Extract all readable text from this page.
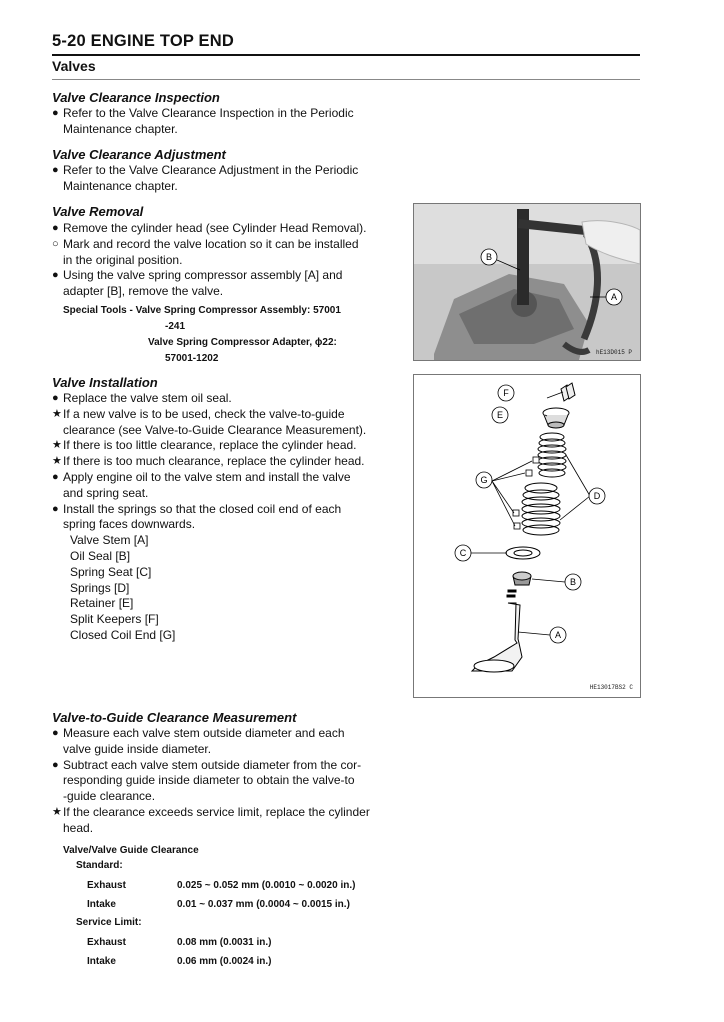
5-20 ENGINE TOP END
Valves
Valve Clearance Inspection
● Refer to the Valve Clearance Inspection in the Periodic
Maintenance chapter.
Valve Clearance Adjustment
● Refer to the Valve Clearance Adjustment in the Periodic
Maintenance chapter.
Valve Removal
● Remove the cylinder head (see Cylinder Head Removal).
○ Mark and record the valve location so it can be installed
in the original position.
● Using the valve spring compressor assembly [A] and
adapter [B], remove the valve.
Special Tools - Valve Spring Compressor Assembly: 57001
-241
Valve Spring Compressor Adapter, ϕ22:
57001-1202
B
A
hE13D015 P
Valve Installation
● Replace the valve stem oil seal.
★ If a new valve is to be used, check the valve-to-guide
clearance (see Valve-to-Guide Clearance Measurement).
★ If there is too little clearance, replace the cylinder head.
★ If there is too much clearance, replace the cylinder head.
● Apply engine oil to the valve stem and install the valve
and spring seat.
● Install the springs so that the closed coil end of each
spring faces downwards.
Valve Stem [A]
Oil Seal [B]
Spring Seat [C]
Springs [D]
Retainer [E]
Split Keepers [F]
Closed Coil End [G]
F
E
G
D
C
B
A
HE13017BS2 C
Valve-to-Guide Clearance Measurement
● Measure each valve stem outside diameter and each
valve guide inside diameter.
● Subtract each valve stem outside diameter from the cor-
responding guide inside diameter to obtain the valve-to
-guide clearance.
★ If the clearance exceeds service limit, replace the cylinder
head.
Valve/Valve Guide Clearance
Standard:
Exhaust	0.025 ~ 0.052 mm (0.0010 ~ 0.0020 in.)
Intake	0.01 ~ 0.037 mm (0.0004 ~ 0.0015 in.)
Service Limit:
Exhaust	0.08 mm (0.0031 in.)
Intake	0.06 mm (0.0024 in.)
